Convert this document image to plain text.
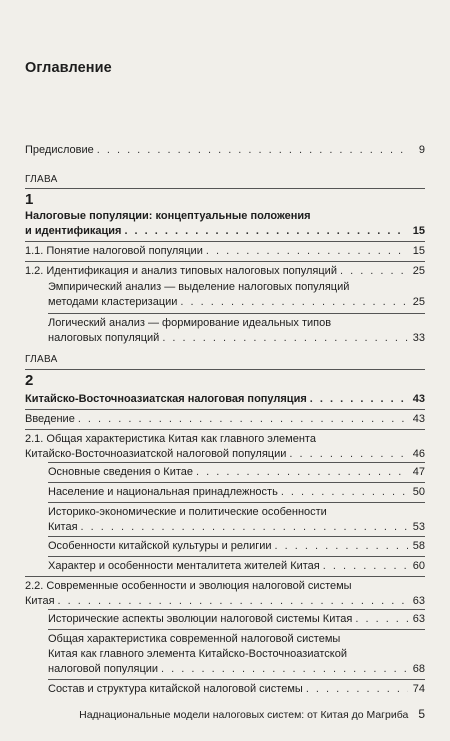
Оглавление
Предисловие . . .	9
ГЛАВА
1
Налоговые популяции: концептуальные положения
и идентификация . . .	15
1.1. Понятие налоговой популяции . . .	15
1.2. Идентификация и анализ типовых налоговых популяций . . .	25
Эмпирический анализ — выделение налоговых популяций
методами кластеризации . . .	25
Логический анализ — формирование идеальных типов
налоговых популяций . . .	33
ГЛАВА
2
Китайско-Восточноазиатская налоговая популяция . . .	43
Введение . . .	43
2.1. Общая характеристика Китая как главного элемента
Китайско-Восточноазиатской налоговой популяции . . .	46
Основные сведения о Китае . . .	47
Население и национальная принадлежность . . .	50
Историко-экономические и политические особенности
Китая . . .	53
Особенности китайской культуры и религии . . .	58
Характер и особенности менталитета жителей Китая . . .	60
2.2. Современные особенности и эволюция налоговой системы
Китая . . .	63
Исторические аспекты эволюции налоговой системы Китая . . .	63
Общая характеристика современной налоговой системы
Китая как главного элемента Китайско-Восточноазиатской
налоговой популяции . . .	68
Состав и структура китайской налоговой системы . . .	74
Наднациональные модели налоговых систем: от Китая до Магриба 5
